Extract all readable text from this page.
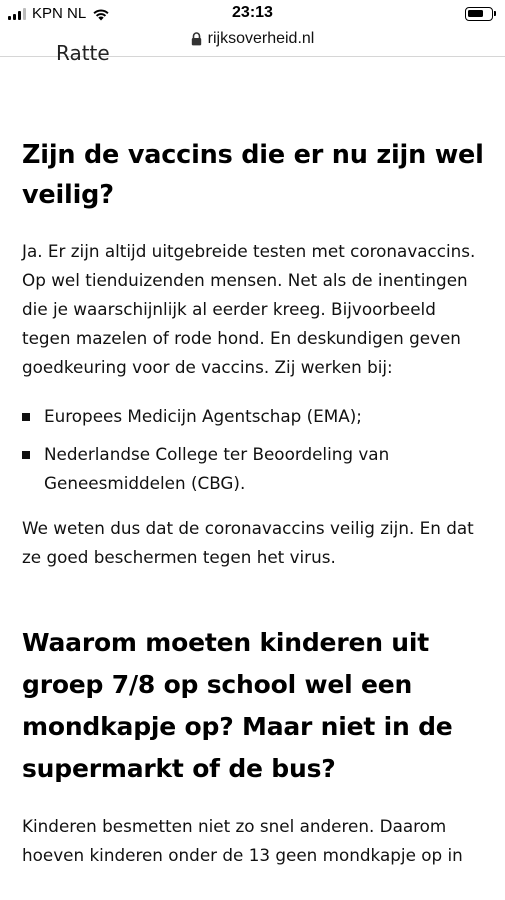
KPN NL	23:13
rijksoverheid.nl
Ratte
Zijn de vaccins die er nu zijn wel veilig?

Ja. Er zijn altijd uitgebreide testen met coronavaccins. Op wel tienduizenden mensen. Net als de inentingen die je waarschijnlijk al eerder kreeg. Bijvoorbeeld tegen mazelen of rode hond. En deskundigen geven goedkeuring voor de vaccins. Zij werken bij:

Europees Medicijn Agentschap (EMA);
Nederlandse College ter Beoordeling van Geneesmiddelen (CBG).

We weten dus dat de coronavaccins veilig zijn. En dat ze goed beschermen tegen het virus.

Waarom moeten kinderen uit groep 7/8 op school wel een mondkapje op? Maar niet in de supermarkt of de bus?

Kinderen besmetten niet zo snel anderen. Daarom hoeven kinderen onder de 13 geen mondkapje op in
